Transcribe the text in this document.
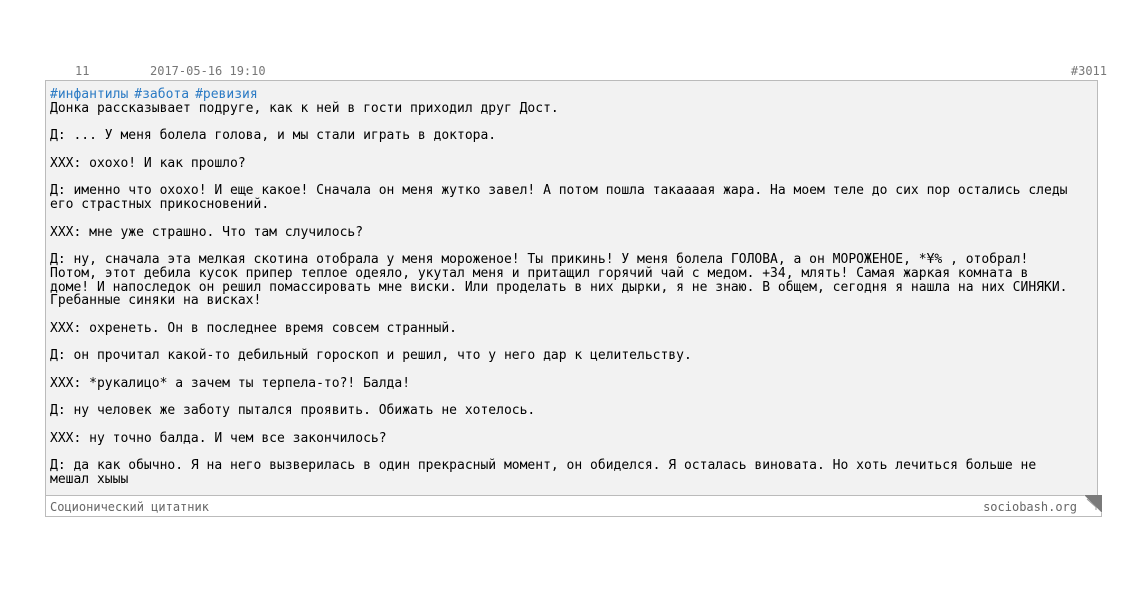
11	2017-05-16 19:10	#3011
#инфантилы #забота #ревизия
Донка рассказывает подруге, как к ней в гости приходил друг Дост.
Д: ... У меня болела голова, и мы стали играть в доктора.
ХХХ: охохо! И как прошло?
Д: именно что охохо! И еще какое! Сначала он меня жутко завел! А потом пошла такаааая жара. На моем теле до сих пор остались следы
его страстных прикосновений.
ХХХ: мне уже страшно. Что там случилось?
Д: ну, сначала эта мелкая скотина отобрала у меня мороженое! Ты прикинь! У меня болела ГОЛОВА, а он МОРОЖЕНОЕ, *¥% , отобрал!
Потом, этот дебила кусок припер теплое одеяло, укутал меня и притащил горячий чай с медом. +34, млять! Самая жаркая комната в
доме! И напоследок он решил помассировать мне виски. Или проделать в них дырки, я не знаю. В общем, сегодня я нашла на них СИНЯКИ.
Гребанные синяки на висках!
ХХХ: охренеть. Он в последнее время совсем странный.
Д: он прочитал какой-то дебильный гороскоп и решил, что у него дар к целительству.
ХХХ: *рукалицо* а зачем ты терпела-то?! Балда!
Д: ну человек же заботу пытался проявить. Обижать не хотелось.
ХХХ: ну точно балда. И чем все закончилось?
Д: да как обычно. Я на него вызверилась в один прекрасный момент, он обиделся. Я осталась виновата. Но хоть лечиться больше не
мешал хыыы
Соционический цитатник	sociobash.org
